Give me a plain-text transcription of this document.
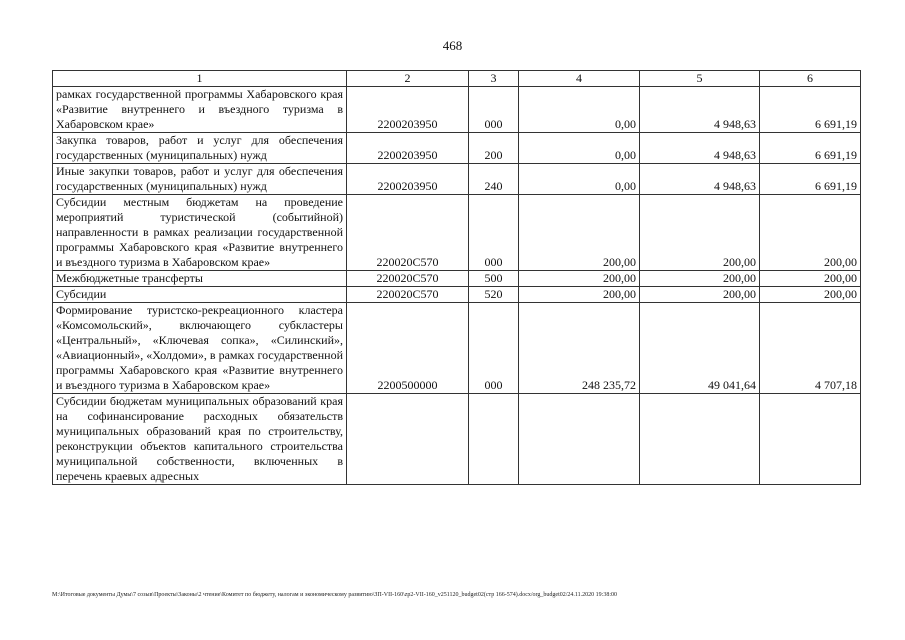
468
1	2	3	4	5	6
рамках государственной программы Хабаровского края «Развитие внутреннего и въездного туризма в Хабаровском крае»	2200203950	000	0,00	4 948,63	6 691,19
Закупка товаров, работ и услуг для обеспечения государственных (муниципальных) нужд	2200203950	200	0,00	4 948,63	6 691,19
Иные закупки товаров, работ и услуг для обеспечения государственных (муниципальных) нужд	2200203950	240	0,00	4 948,63	6 691,19
Субсидии местным бюджетам на проведение мероприятий туристической (событийной) направленности в рамках реализации государственной программы Хабаровского края «Развитие внутреннего и въездного туризма в Хабаровском крае»	220020С570	000	200,00	200,00	200,00
Межбюджетные трансферты	220020С570	500	200,00	200,00	200,00
Субсидии	220020С570	520	200,00	200,00	200,00
Формирование туристско-рекреационного кластера «Комсомольский», включающего субкластеры «Центральный», «Ключевая сопка», «Силинский», «Авиационный», «Холдоми», в рамках государственной программы Хабаровского края «Развитие внутреннего и въездного туризма в Хабаровском крае»	2200500000	000	248 235,72	49 041,64	4 707,18
Субсидии бюджетам муниципальных образований края на софинансирование расходных обязательств муниципальных образований края по строительству, реконструкции объектов капитального строительства муниципальной собственности, включенных в перечень краевых адресных					
M:\Итоговые документы Думы\7 созыв\Проекты\Законы\2 чтение\Комитет по бюджету, налогам и экономическому развитию\ЗП-VII-160\zp2-VII-160_v251120_budget02(стр 166-574).docx/org_budget02/24.11.2020 19:38:00
